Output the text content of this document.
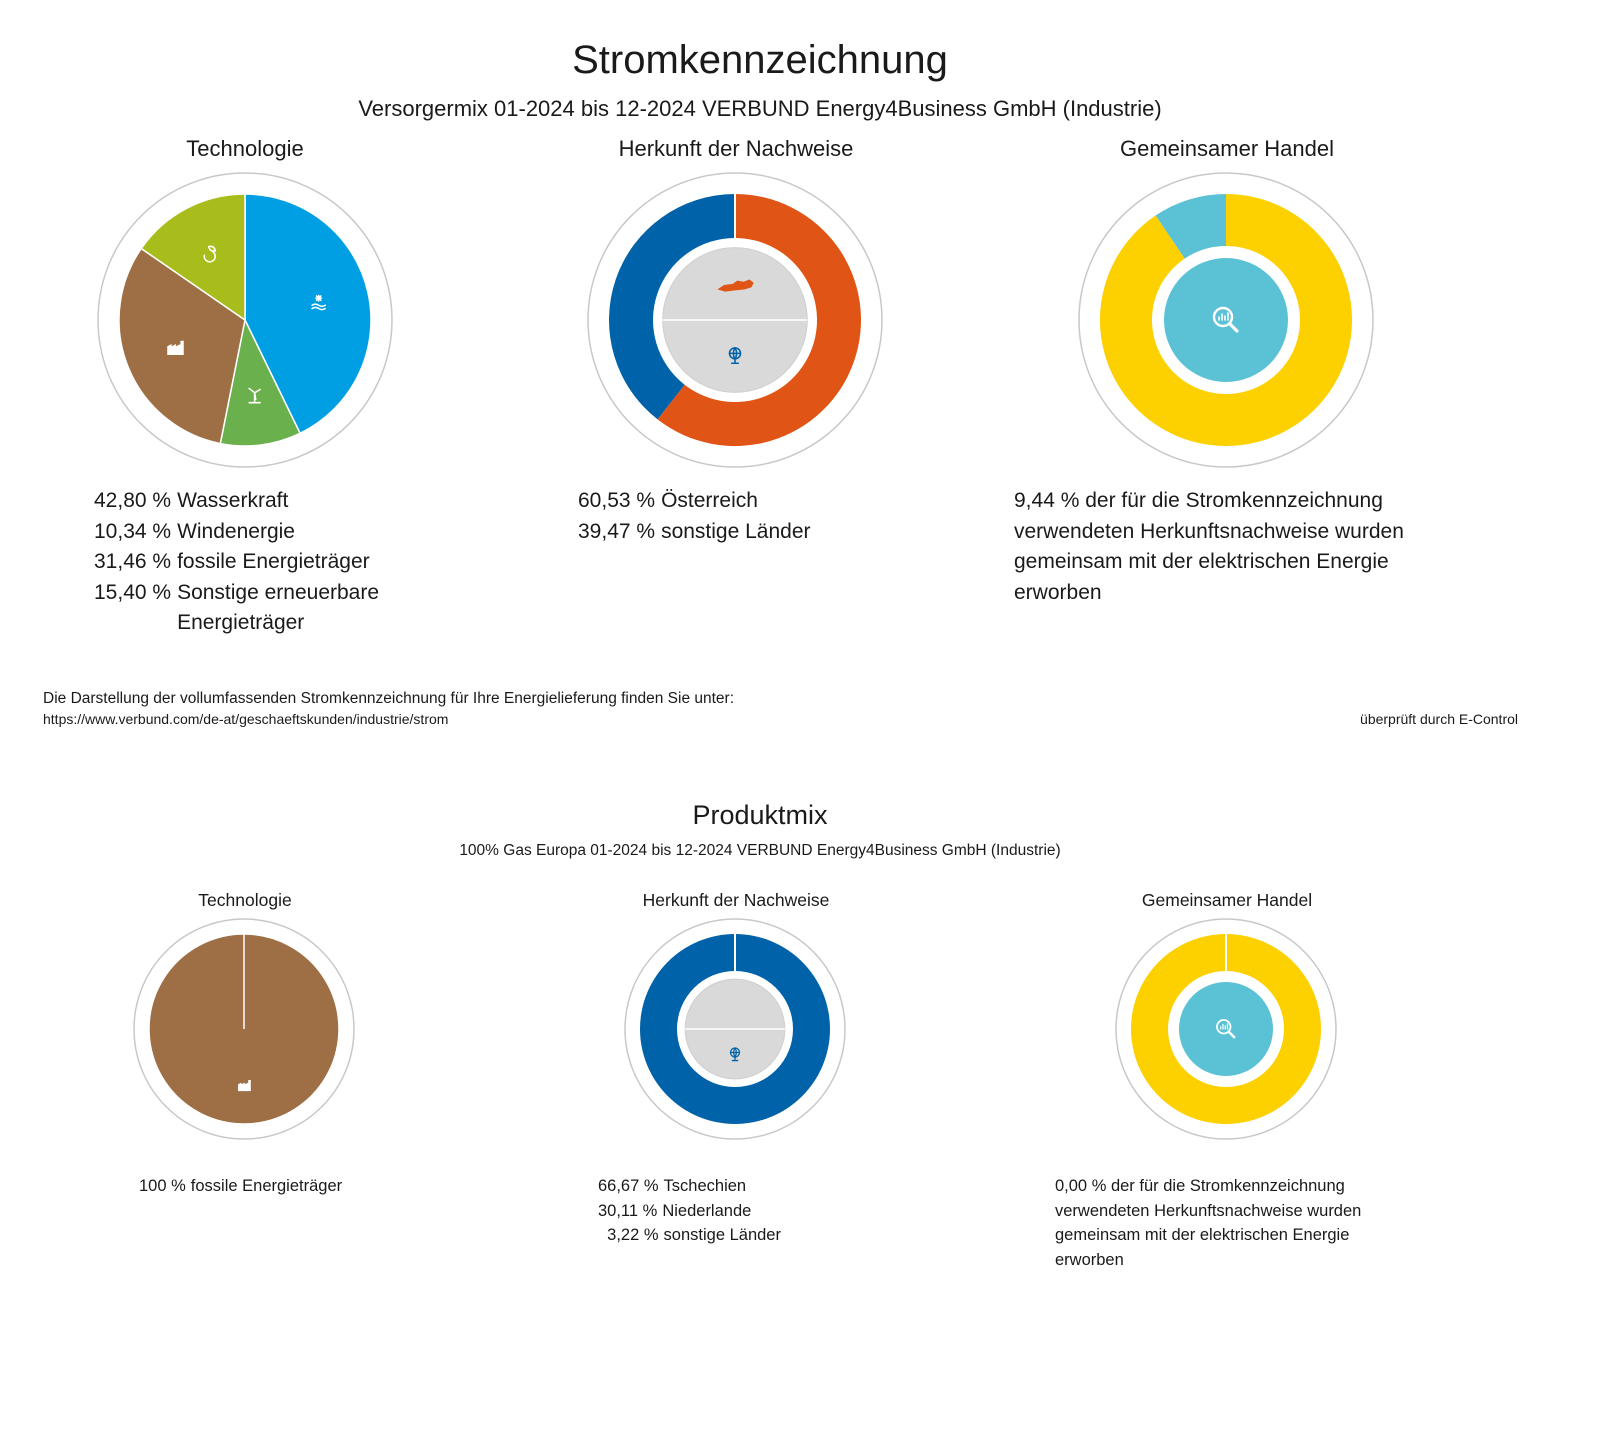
Stromkennzeichnung
Versorgermix 01-2024 bis 12-2024 VERBUND Energy4Business GmbH (Industrie)
Technologie	Herkunft der Nachweise	Gemeinsamer Handel
42,80 % Wasserkraft
10,34 % Windenergie
31,46 % fossile Energieträger
15,40 % Sonstige erneuerbare Energieträger
60,53 % Österreich
39,47 % sonstige Länder
9,44 % der für die Stromkennzeichnung verwendeten Herkunftsnachweise wurden gemeinsam mit der elektrischen Energie erworben
Die Darstellung der vollumfassenden Stromkennzeichnung für Ihre Energielieferung finden Sie unter:
https://www.verbund.com/de-at/geschaeftskunden/industrie/strom	überprüft durch E-Control
Produktmix
100% Gas Europa 01-2024 bis 12-2024 VERBUND Energy4Business GmbH (Industrie)
Technologie	Herkunft der Nachweise	Gemeinsamer Handel
100 % fossile Energieträger	66,67 % Tschechien
30,11 % Niederlande
3,22 % sonstige Länder
0,00 % der für die Stromkennzeichnung verwendeten Herkunftsnachweise wurden gemeinsam mit der elektrischen Energie erworben
